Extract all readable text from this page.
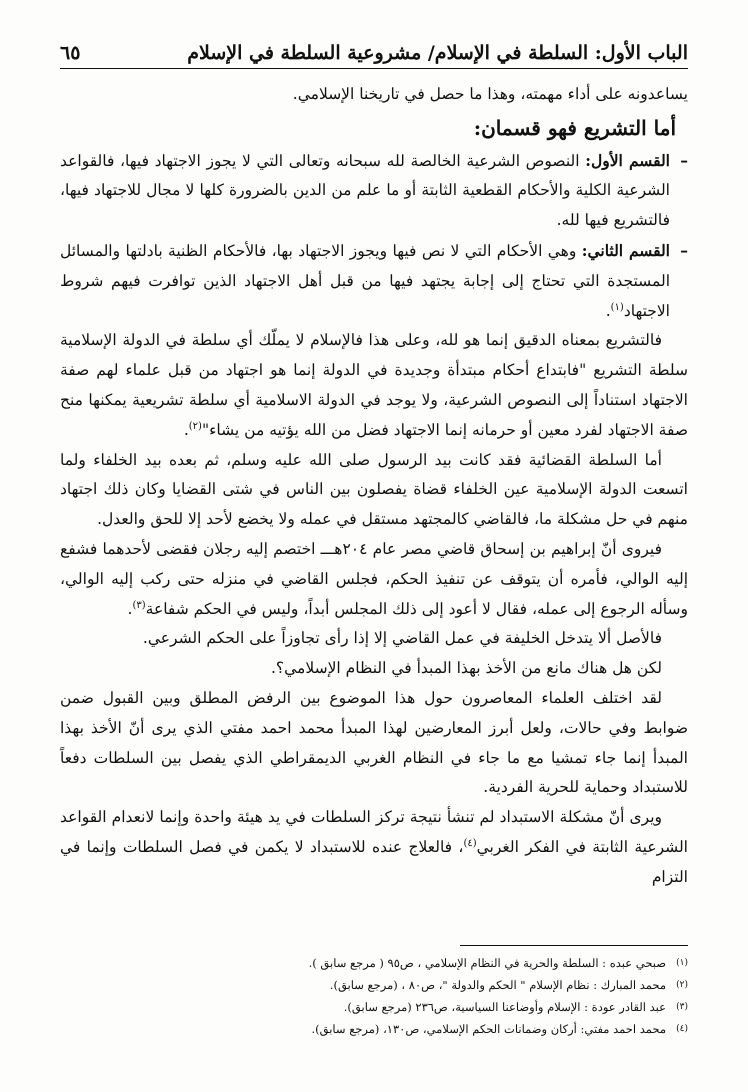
الباب الأول: السلطة في الإسلام/ مشروعية السلطة في الإسلام
٦٥

يساعدونه على أداء مهمته، وهذا ما حصل في تاريخنا الإسلامي.

أما التشريع فهو قسمان:

–
القسم الأول: النصوص الشرعية الخالصة لله سبحانه وتعالى التي لا يجوز الاجتهاد فيها، فالقواعد الشرعية الكلية والأحكام القطعية الثابتة أو ما علم من الدين بالضرورة كلها لا مجال للاجتهاد فيها، فالتشريع فيها لله.
–
القسم الثاني: وهي الأحكام التي لا نص فيها ويجوز الاجتهاد بها، فالأحكام الظنية بادلتها والمسائل المستجدة التي تحتاج إلى إجابة يجتهد فيها من قبل أهل الاجتهاد الذين توافرت فيهم شروط الاجتهاد$^{(١)}$.

فالتشريع بمعناه الدقيق إنما هو لله، وعلى هذا فالإسلام لا يملّك أي سلطة في الدولة الإسلامية سلطة التشريع "فابتداع أحكام مبتدأة وجديدة في الدولة إنما هو اجتهاد من قبل علماء لهم صفة الاجتهاد استناداً إلى النصوص الشرعية، ولا يوجد في الدولة الاسلامية أي سلطة تشريعية يمكنها منح صفة الاجتهاد لفرد معين أو حرمانه إنما الاجتهاد فضل من الله يؤتيه من يشاء"$^{(٢)}$.

أما السلطة القضائية فقد كانت بيد الرسول صلى الله عليه وسلم، ثم بعده بيد الخلفاء ولما اتسعت الدولة الإسلامية عين الخلفاء قضاة يفصلون بين الناس في شتى القضايا وكان ذلك اجتهاد منهم في حل مشكلة ما، فالقاضي كالمجتهد مستقل في عمله ولا يخضع لأحد إلا للحق والعدل.

فيروى أنّ إبراهيم بن إسحاق قاضي مصر عام ٢٠٤هـــ اختصم إليه رجلان فقضى لأحدهما فشفع إليه الوالي، فأمره أن يتوقف عن تنفيذ الحكم، فجلس القاضي في منزله حتى ركب إليه الوالي، وسأله الرجوع إلى عمله، فقال لا أعود إلى ذلك المجلس أبداً، وليس في الحكم شفاعة$^{(٣)}$.

فالأصل ألا يتدخل الخليفة في عمل القاضي إلا إذا رأى تجاوزاً على الحكم الشرعي.

لكن هل هناك مانع من الأخذ بهذا المبدأ في النظام الإسلامي؟.

لقد اختلف العلماء المعاصرون حول هذا الموضوع بين الرفض المطلق وبين القبول ضمن ضوابط وفي حالات، ولعل أبرز المعارضين لهذا المبدأ محمد احمد مفتي الذي يرى أنّ الأخذ بهذا المبدأ إنما جاء تمشيا مع ما جاء في النظام الغربي الديمقراطي الذي يفصل بين السلطات دفعاً للاستبداد وحماية للحرية الفردية.

ويرى أنّ مشكلة الاستبداد لم تنشأ نتيجة تركز السلطات في يد هيئة واحدة وإنما لانعدام القواعد الشرعية الثابتة في الفكر الغربي$^{(٤)}$، فالعلاج عنده للاستبداد لا يكمن في فصل السلطات وإنما في التزام

(١)
صبحي عبده : السلطة والحرية في النظام الإسلامي ، ص٩٥ ( مرجع سابق ).
(٢)
محمد المبارك : نظام الإسلام " الحكم والدولة "، ص٨٠ ، (مرجع سابق).
(٣)
عبد القادر عودة : الإسلام وأوضاعنا السياسية، ص٢٣٦ (مرجع سابق).
(٤)
محمد احمد مفتي: أركان وضمانات الحكم الإسلامي، ص١٣٠، (مرجع سابق).
